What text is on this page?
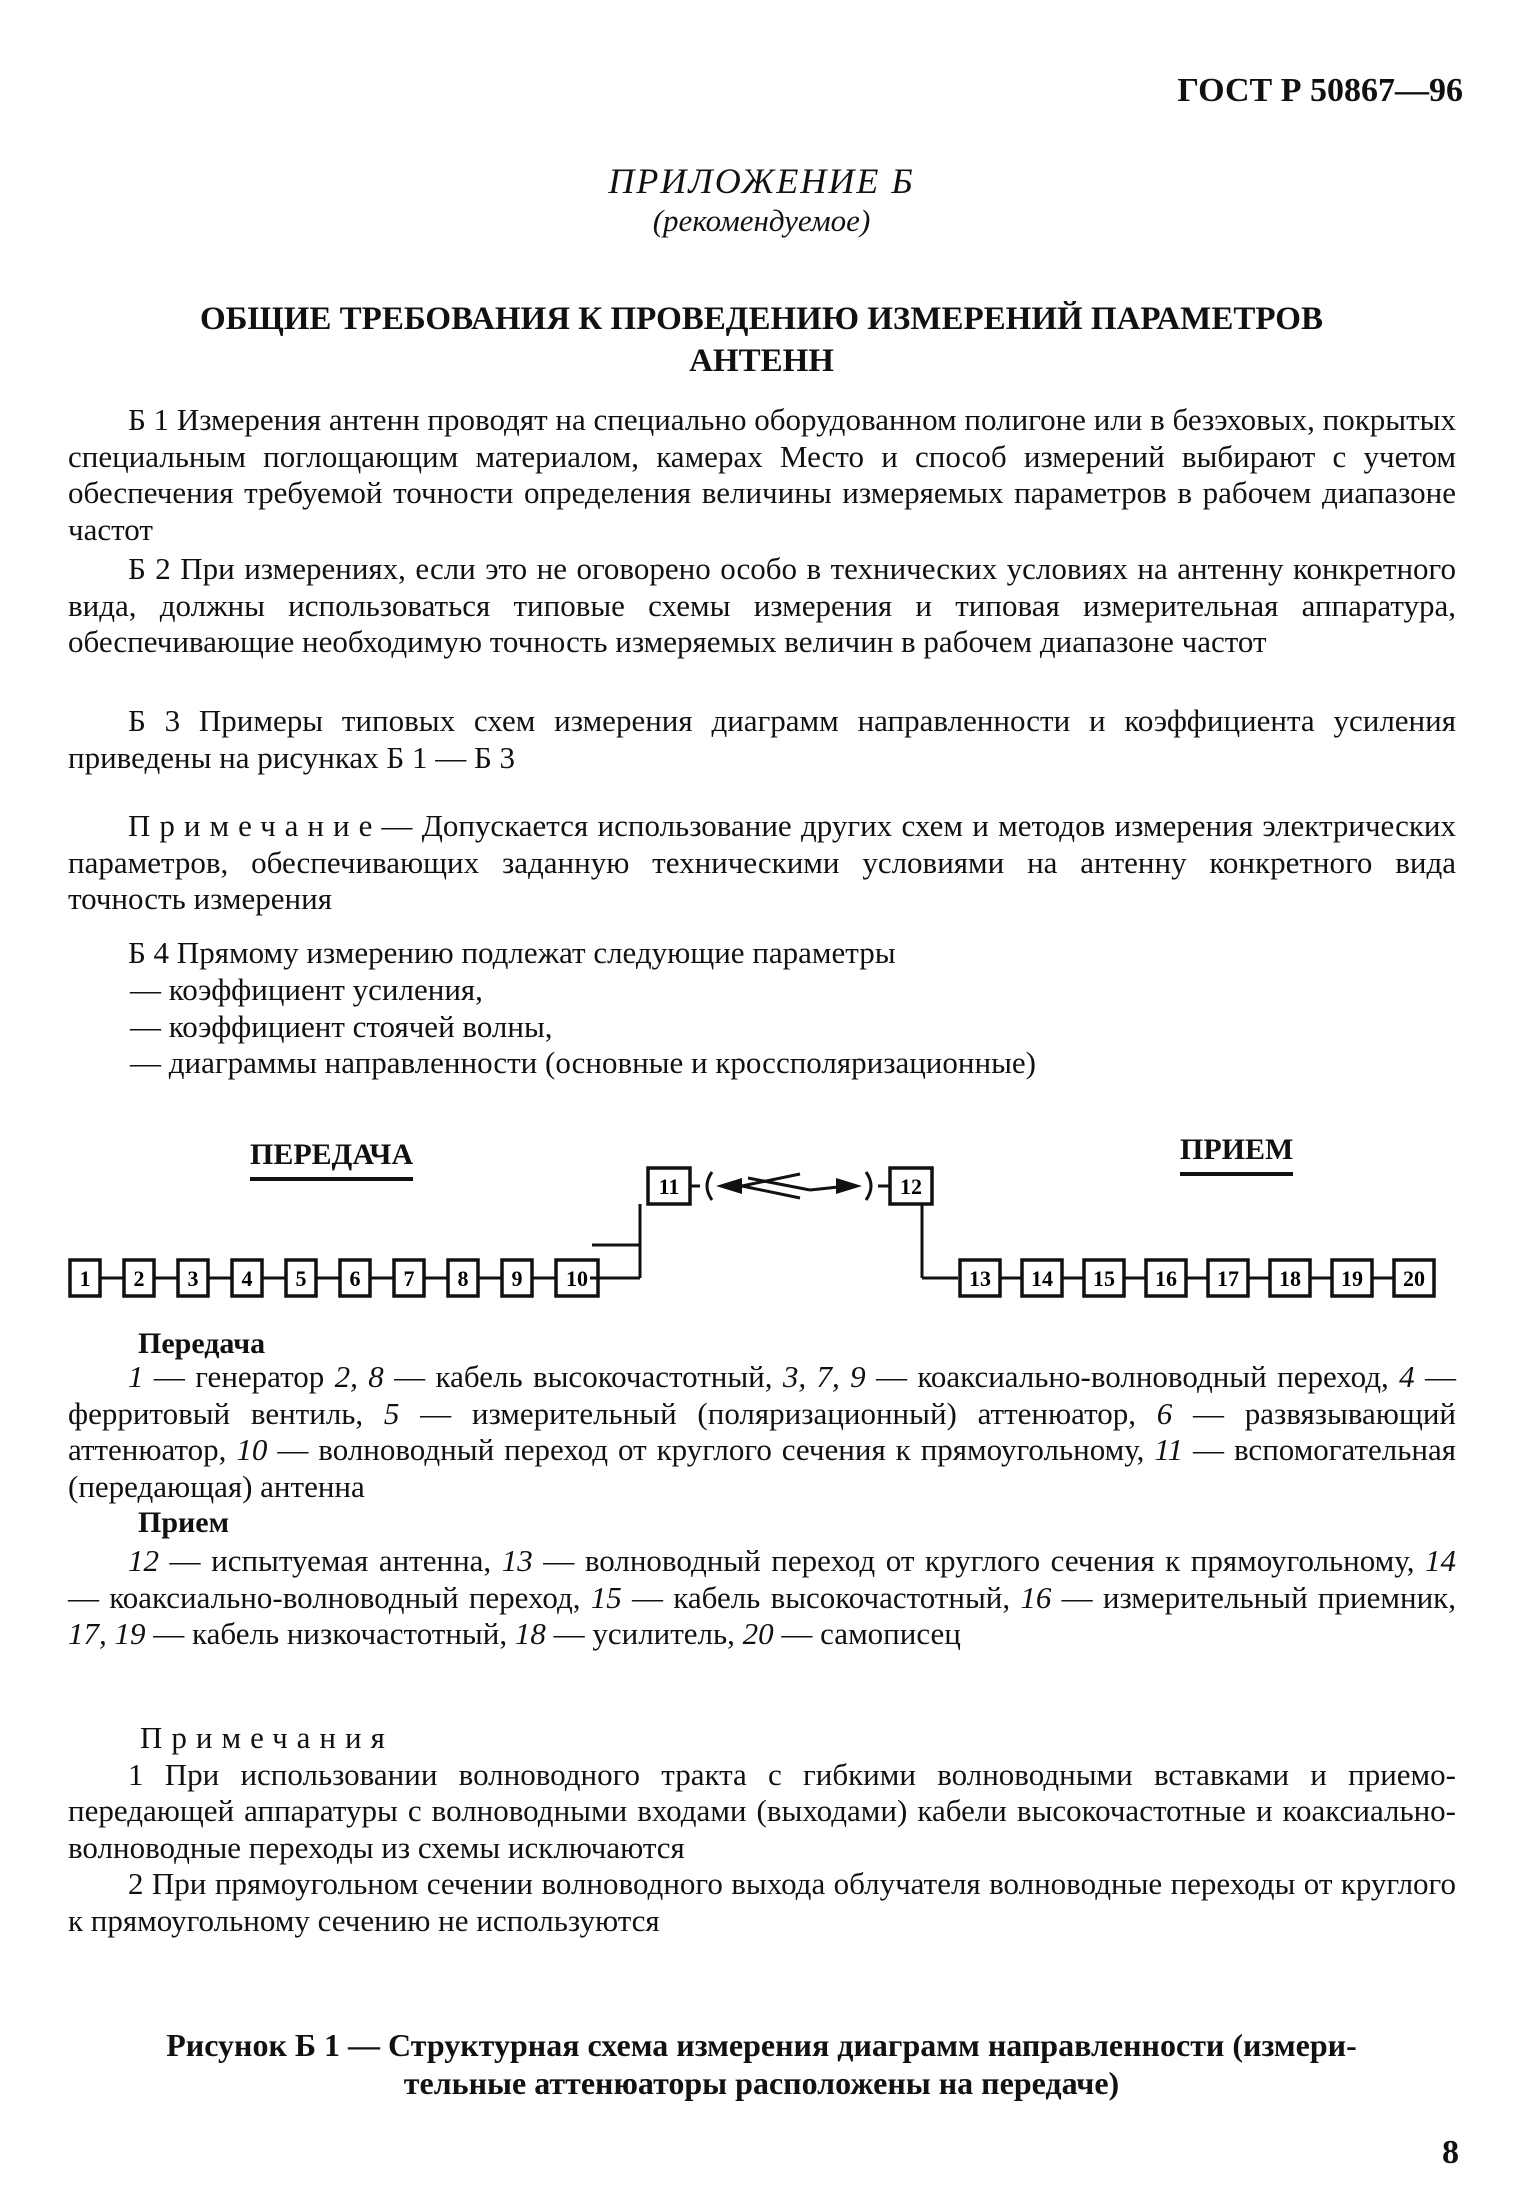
ГОСТ Р 50867—96
ПРИЛОЖЕНИЕ Б
(рекомендуемое)
ОБЩИЕ ТРЕБОВАНИЯ К ПРОВЕДЕНИЮ ИЗМЕРЕНИЙ ПАРАМЕТРОВ
АНТЕНН

Б 1 Измерения антенн проводят на специально оборудованном полигоне или в безэховых, покрытых специальным поглощающим материалом, камерах Место и способ измерений выбирают с учетом обеспечения требуемой точности определения величины измеряемых параметров в рабочем диапазоне частот

Б 2 При измерениях, если это не оговорено особо в технических условиях на антенну конкретного вида, должны использоваться типовые схемы измерения и типовая измерительная аппаратура, обеспечивающие необходимую точность измеряемых величин в рабочем диапазоне частот

Б 3 Примеры типовых схем измерения диаграмм направленности и коэффициента усиления приведены на рисунках Б 1 — Б 3

Примечание— Допускается использование других схем и методов измерения электрических параметров, обеспечивающих заданную техническими условиями на антенну конкретного вида точность измерения

Б 4 Прямому измерению подлежат следующие параметры

— коэффициент усиления,
— коэффициент стоячей волны,
— диаграммы направленности (основные и кроссполяризационные)
ПЕРЕДАЧА	ПРИЕМ
1 2 3 4 5 6 7 8 9 10	13 14 15 16 17 18 19 20
11	12
Передача

1 — генератор 2, 8 — кабель высокочастотный, 3, 7, 9 — коаксиально-волноводный переход, 4 — ферритовый вентиль, 5 — измерительный (поляризационный) аттенюатор, 6 — развязывающий аттенюатор, 10 — волноводный переход от круглого сечения к прямоугольному, 11 — вспомогательная (передающая) антенна

Прием

12 — испытуемая антенна, 13 — волноводный переход от круглого сечения к прямоугольному, 14 — коаксиально-волноводный переход, 15 — кабель высокочастотный, 16 — измерительный приемник, 17, 19 — кабель низкочастотный, 18 — усилитель, 20 — самописец

Примечания

1 При использовании волноводного тракта с гибкими волноводными вставками и приемо-передающей аппаратуры с волноводными входами (выходами) кабели высокочастотные и коаксиально-волноводные переходы из схемы исключаются

2 При прямоугольном сечении волноводного выхода облучателя волноводные переходы от круглого к прямоугольному сечению не используются

Рисунок Б 1 — Структурная схема измерения диаграмм направленности (измери-
тельные аттенюаторы расположены на передаче)
8
